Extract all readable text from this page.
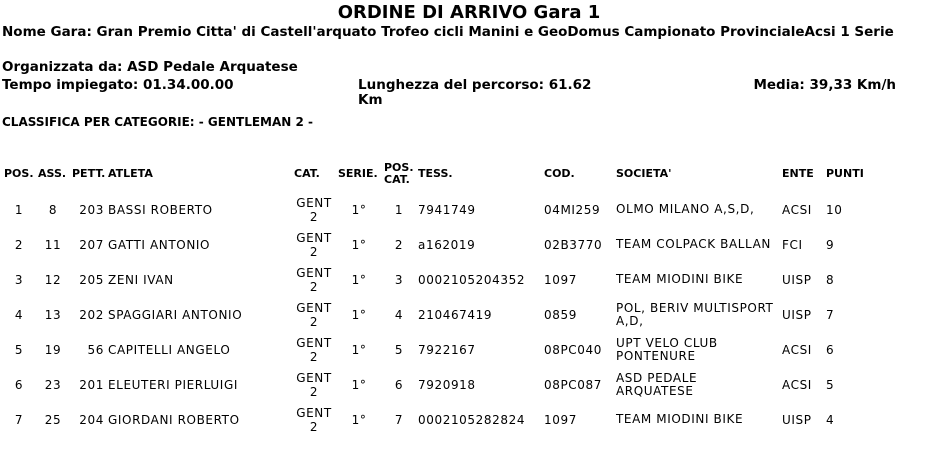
ORDINE DI ARRIVO Gara 1
Nome Gara: Gran Premio Citta' di Castell'arquato Trofeo cicli Manini e GeoDomus Campionato ProvincialeAcsi 1 Serie
Organizzata da: ASD Pedale Arquatese
Tempo impiegato: 01.34.00.00	Lunghezza del percorso: 61.62 Km
Media: 39,33 Km/h
CLASSIFICA PER CATEGORIE: - GENTLEMAN 2 -
POS.	ASS.	PETT.	ATLETA	CAT.	SERIE.	POS. CAT.	TESS.	COD.	SOCIETA'	ENTE	PUNTI
1	8	203	BASSI ROBERTO	GENT 2	1°	1	7941749	04MI259	OLMO MILANO A,S,D,	ACSI	10
2	11	207	GATTI ANTONIO	GENT 2	1°	2	a162019	02B3770	TEAM COLPACK BALLAN	FCI	9
3	12	205	ZENI IVAN	GENT 2	1°	3	0002105204352	1097	TEAM MIODINI BIKE	UISP	8
4	13	202	SPAGGIARI ANTONIO	GENT 2	1°	4	210467419	0859	POL, BERIV MULTISPORT A,D,	UISP	7
5	19	56	CAPITELLI ANGELO	GENT 2	1°	5	7922167	08PC040	UPT VELO CLUB PONTENURE	ACSI	6
6	23	201	ELEUTERI PIERLUIGI	GENT 2	1°	6	7920918	08PC087	ASD PEDALE ARQUATESE	ACSI	5
7	25	204	GIORDANI ROBERTO	GENT 2	1°	7	0002105282824	1097	TEAM MIODINI BIKE	UISP	4
